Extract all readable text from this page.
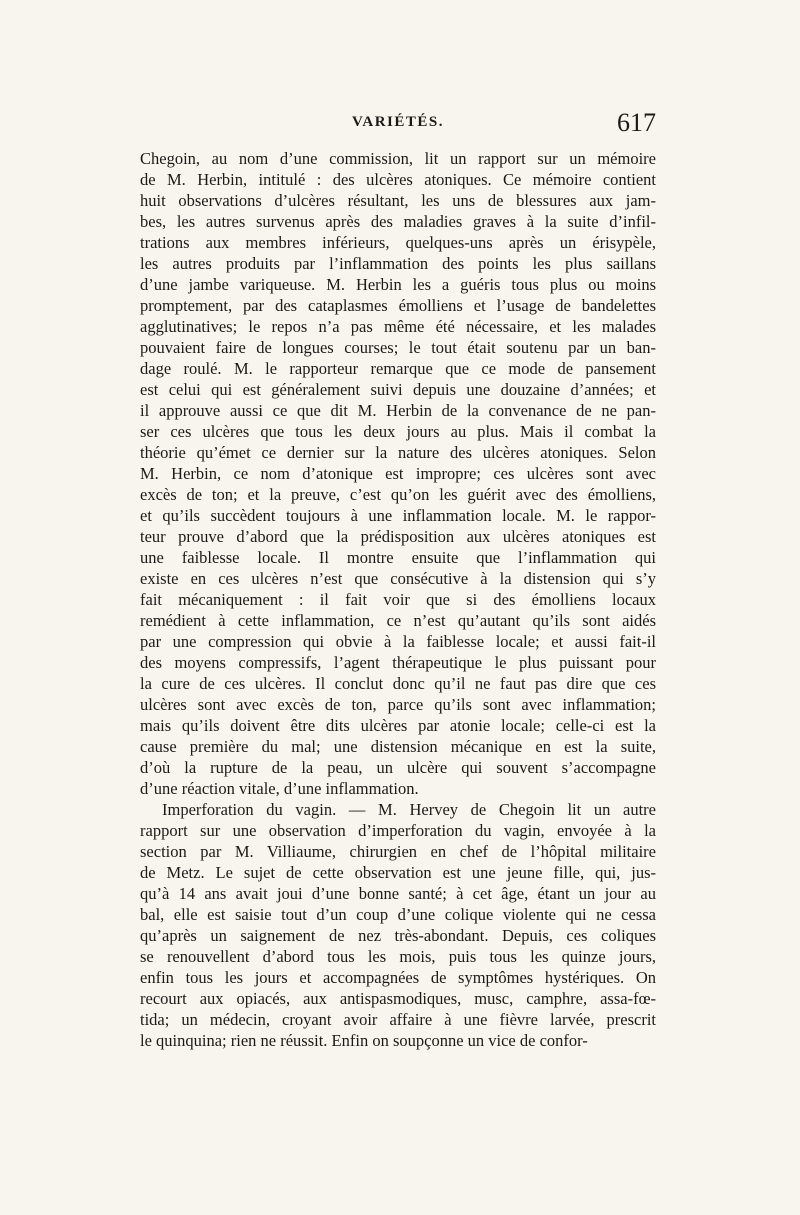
VARIÉTÉS.	617
Chegoin, au nom d’une commission, lit un rapport sur un mémoire
de M. Herbin, intitulé : des ulcères atoniques. Ce mémoire contient
huit observations d’ulcères résultant, les uns de blessures aux jam-
bes, les autres survenus après des maladies graves à la suite d’infil-
trations aux membres inférieurs, quelques-uns après un érisypèle,
les autres produits par l’inflammation des points les plus saillans
d’une jambe variqueuse. M. Herbin les a guéris tous plus ou moins
promptement, par des cataplasmes émolliens et l’usage de bandelettes
agglutinatives; le repos n’a pas même été nécessaire, et les malades
pouvaient faire de longues courses; le tout était soutenu par un ban-
dage roulé. M. le rapporteur remarque que ce mode de pansement
est celui qui est généralement suivi depuis une douzaine d’années; et
il approuve aussi ce que dit M. Herbin de la convenance de ne pan-
ser ces ulcères que tous les deux jours au plus. Mais il combat la
théorie qu’émet ce dernier sur la nature des ulcères atoniques. Selon
M. Herbin, ce nom d’atonique est impropre; ces ulcères sont avec
excès de ton; et la preuve, c’est qu’on les guérit avec des émolliens,
et qu’ils succèdent toujours à une inflammation locale. M. le rappor-
teur prouve d’abord que la prédisposition aux ulcères atoniques est
une faiblesse locale. Il montre ensuite que l’inflammation qui
existe en ces ulcères n’est que consécutive à la distension qui s’y
fait mécaniquement : il fait voir que si des émolliens locaux
remédient à cette inflammation, ce n’est qu’autant qu’ils sont aidés
par une compression qui obvie à la faiblesse locale; et aussi fait-il
des moyens compressifs, l’agent thérapeutique le plus puissant pour
la cure de ces ulcères. Il conclut donc qu’il ne faut pas dire que ces
ulcères sont avec excès de ton, parce qu’ils sont avec inflammation;
mais qu’ils doivent être dits ulcères par atonie locale; celle-ci est la
cause première du mal; une distension mécanique en est la suite,
d’où la rupture de la peau, un ulcère qui souvent s’accompagne
d’une réaction vitale, d’une inflammation.
Imperforation du vagin. — M. Hervey de Chegoin lit un autre
rapport sur une observation d’imperforation du vagin, envoyée à la
section par M. Villiaume, chirurgien en chef de l’hôpital militaire
de Metz. Le sujet de cette observation est une jeune fille, qui, jus-
qu’à 14 ans avait joui d’une bonne santé; à cet âge, étant un jour au
bal, elle est saisie tout d’un coup d’une colique violente qui ne cessa
qu’après un saignement de nez très-abondant. Depuis, ces coliques
se renouvellent d’abord tous les mois, puis tous les quinze jours,
enfin tous les jours et accompagnées de symptômes hystériques. On
recourt aux opiacés, aux antispasmodiques, musc, camphre, assa-fœ-
tida; un médecin, croyant avoir affaire à une fièvre larvée, prescrit
le quinquina; rien ne réussit. Enfin on soupçonne un vice de confor-
